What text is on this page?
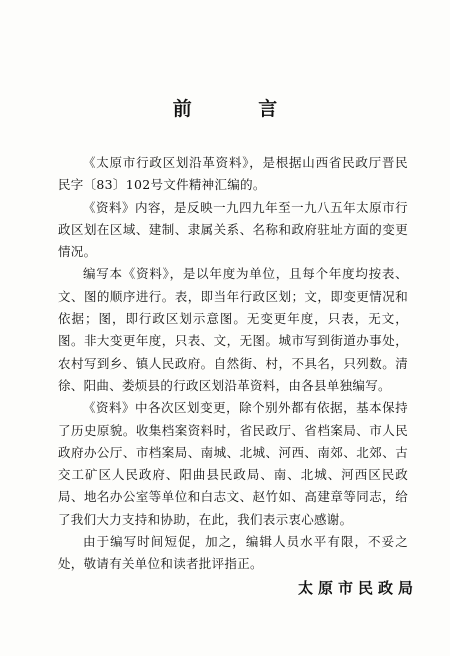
前 言

《太原市行政区划沿革资料》，是根据山西省民政厅晋民民字〔83〕102号文件精神汇编的。

《资料》内容，是反映一九四九年至一九八五年太原市行政区划在区域、建制、隶属关系、名称和政府驻址方面的变更情况。

编写本《资料》，是以年度为单位，且每个年度均按表、文、图的顺序进行。表，即当年行政区划；文，即变更情况和依据；图，即行政区划示意图。无变更年度，只表，无文，图。非大变更年度，只表、文，无图。城市写到街道办事处，农村写到乡、镇人民政府。自然街、村，不具名，只列数。清徐、阳曲、娄烦县的行政区划沿革资料，由各县单独编写。

《资料》中各次区划变更，除个别外都有依据，基本保持了历史原貌。收集档案资料时，省民政厅、省档案局、市人民政府办公厅、市档案局、南城、北城、河西、南郊、北郊、古交工矿区人民政府、阳曲县民政局、南、北城、河西区民政局、地名办公室等单位和白志文、赵竹如、高建章等同志，给了我们大力支持和协助，在此，我们表示衷心感谢。

由于编写时间短促，加之，编辑人员水平有限，不妥之处，敬请有关单位和读者批评指正。

太原市民政局
